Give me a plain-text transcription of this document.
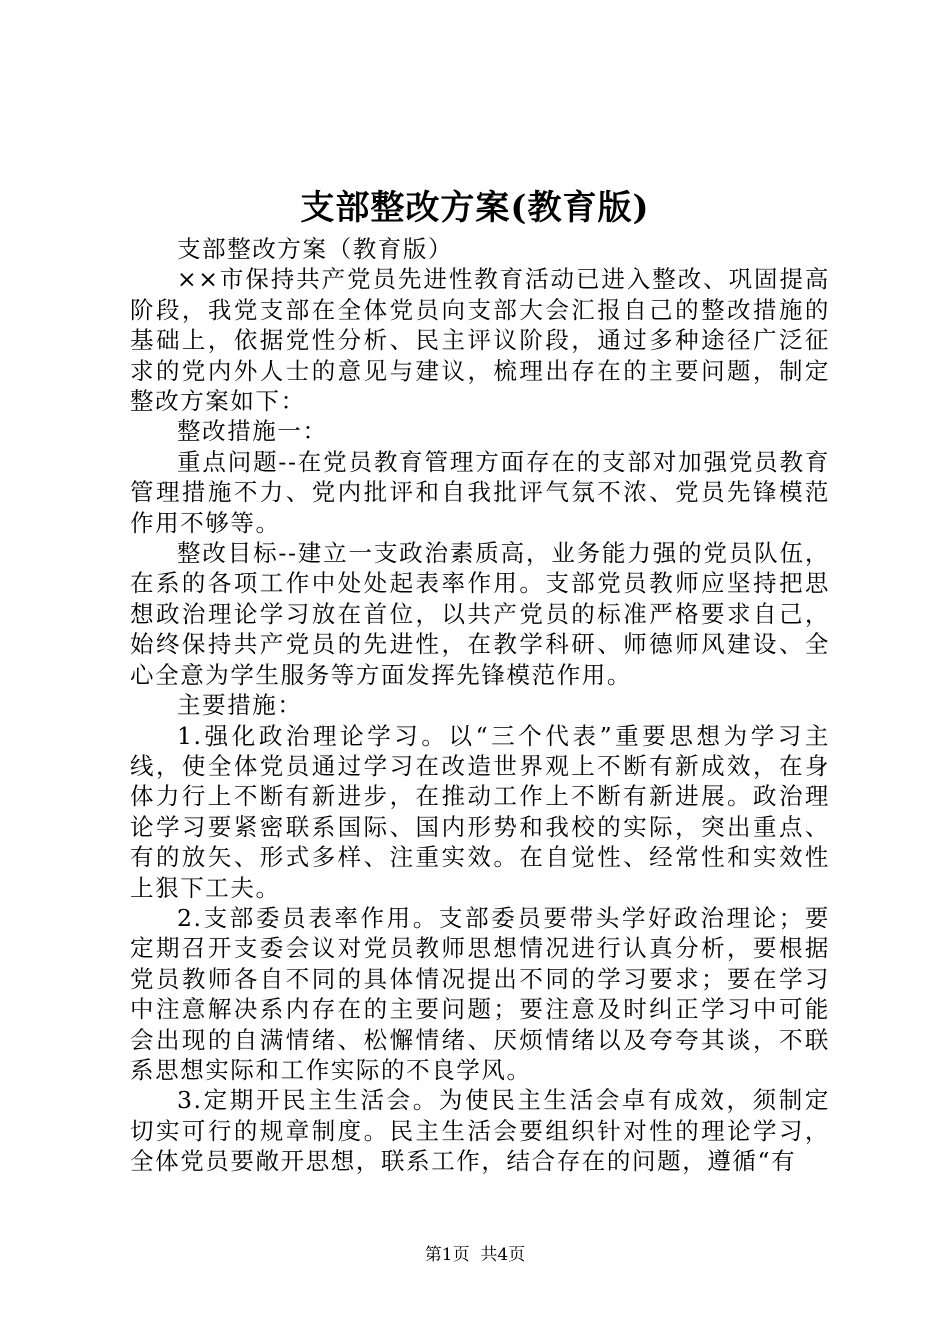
支部整改方案(教育版)

支部整改方案（教育版）

××市保持共产党员先进性教育活动已进入整改、巩固提高阶段，我党支部在全体党员向支部大会汇报自己的整改措施的基础上，依据党性分析、民主评议阶段，通过多种途径广泛征求的党内外人士的意见与建议，梳理出存在的主要问题，制定整改方案如下：

整改措施一：

重点问题--在党员教育管理方面存在的支部对加强党员教育管理措施不力、党内批评和自我批评气氛不浓、党员先锋模范作用不够等。

整改目标--建立一支政治素质高，业务能力强的党员队伍，在系的各项工作中处处起表率作用。支部党员教师应坚持把思想政治理论学习放在首位，以共产党员的标准严格要求自己，始终保持共产党员的先进性，在教学科研、师德师风建设、全心全意为学生服务等方面发挥先锋模范作用。

主要措施：

1.强化政治理论学习。以“三个代表”重要思想为学习主线，使全体党员通过学习在改造世界观上不断有新成效，在身体力行上不断有新进步，在推动工作上不断有新进展。政治理论学习要紧密联系国际、国内形势和我校的实际，突出重点、有的放矢、形式多样、注重实效。在自觉性、经常性和实效性上狠下工夫。

2.支部委员表率作用。支部委员要带头学好政治理论；要定期召开支委会议对党员教师思想情况进行认真分析，要根据党员教师各自不同的具体情况提出不同的学习要求；要在学习中注意解决系内存在的主要问题；要注意及时纠正学习中可能会出现的自满情绪、松懈情绪、厌烦情绪以及夸夸其谈，不联系思想实际和工作实际的不良学风。

3.定期开民主生活会。为使民主生活会卓有成效，须制定切实可行的规章制度。民主生活会要组织针对性的理论学习，全体党员要敞开思想，联系工作，结合存在的问题，遵循“有

第1页 共4页
